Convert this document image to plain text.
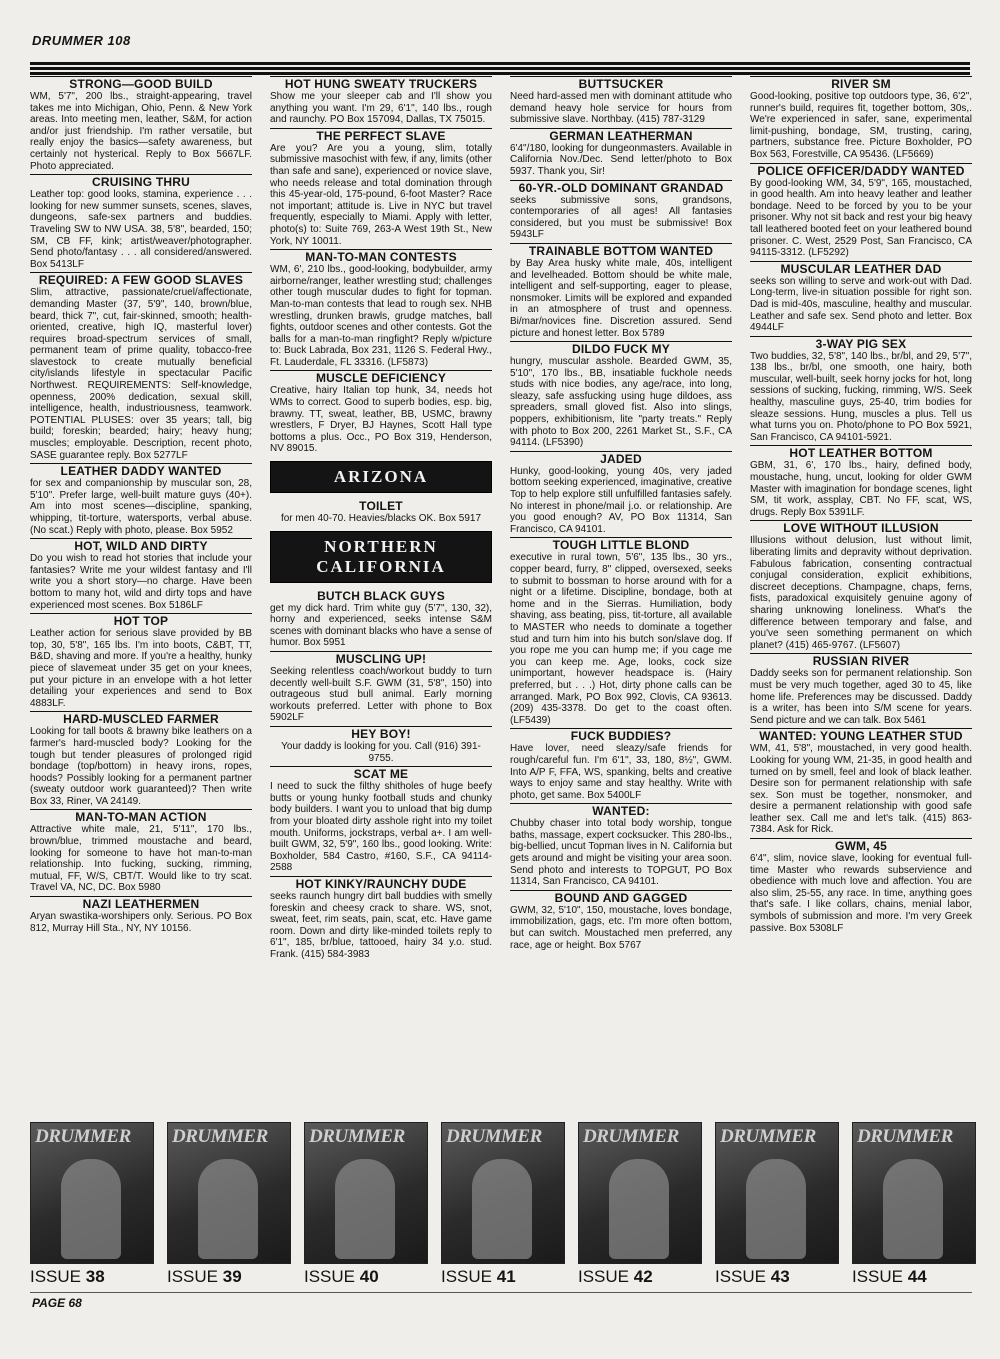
DRUMMER 108
STRONG—GOOD BUILD

WM, 5'7", 200 lbs., straight-appearing, travel takes me into Michigan, Ohio, Penn. & New York areas. Into meeting men, leather, S&M, for action and/or just friendship. I'm rather versatile, but really enjoy the basics—safety awareness, but certainly not hysterical. Reply to Box 5667LF. Photo appreciated.

CRUISING THRU

Leather top: good looks, stamina, experience . . . looking for new summer sunsets, scenes, slaves, dungeons, safe-sex partners and buddies. Traveling SW to NW USA. 38, 5'8", bearded, 150; SM, CB FF, kink; artist/weaver/photographer. Send photo/fantasy . . . all considered/answered. Box 5413LF

REQUIRED: A FEW GOOD SLAVES

Slim, attractive, passionate/cruel/affectionate, demanding Master (37, 5'9", 140, brown/blue, beard, thick 7", cut, fair-skinned, smooth; health-oriented, creative, high IQ, masterful lover) requires broad-spectrum services of small, permanent team of prime quality, tobacco-free slavestock to create mutually beneficial city/islands lifestyle in spectacular Pacific Northwest. REQUIREMENTS: Self-knowledge, openness, 200% dedication, sexual skill, intelligence, health, industriousness, teamwork. POTENTIAL PLUSES: over 35 years; tall, big build; foreskin; bearded; hairy; heavy hung; muscles; employable. Description, recent photo, SASE guarantee reply. Box 5277LF

LEATHER DADDY WANTED

for sex and companionship by muscular son, 28, 5'10". Prefer large, well-built mature guys (40+). Am into most scenes—discipline, spanking, whipping, tit-torture, watersports, verbal abuse. (No scat.) Reply with photo, please. Box 5952

HOT, WILD AND DIRTY

Do you wish to read hot stories that include your fantasies? Write me your wildest fantasy and I'll write you a short story—no charge. Have been bottom to many hot, wild and dirty tops and have experienced most scenes. Box 5186LF

HOT TOP

Leather action for serious slave provided by BB top, 30, 5'8", 165 lbs. I'm into boots, C&BT, TT, B&D, shaving and more. If you're a healthy, hunky piece of slavemeat under 35 get on your knees, put your picture in an envelope with a hot letter detailing your experiences and send to Box 4883LF.

HARD-MUSCLED FARMER

Looking for tall boots & brawny bike leathers on a farmer's hard-muscled body? Looking for the tough but tender pleasures of prolonged rigid bondage (top/bottom) in heavy irons, ropes, hoods? Possibly looking for a permanent partner (sweaty outdoor work guaranteed)? Then write Box 33, Riner, VA 24149.

MAN-TO-MAN ACTION

Attractive white male, 21, 5'11", 170 lbs., brown/blue, trimmed moustache and beard, looking for someone to have hot man-to-man relationship. Into fucking, sucking, rimming, mutual, FF, W/S, CBT/T. Would like to try scat. Travel VA, NC, DC. Box 5980

NAZI LEATHERMEN

Aryan swastika-worshipers only. Serious. PO Box 812, Murray Hill Sta., NY, NY 10156.

HOT HUNG SWEATY TRUCKERS

Show me your sleeper cab and I'll show you anything you want. I'm 29, 6'1", 140 lbs., rough and raunchy. PO Box 157094, Dallas, TX 75015.

THE PERFECT SLAVE

Are you? Are you a young, slim, totally submissive masochist with few, if any, limits (other than safe and sane), experienced or novice slave, who needs release and total domination through this 45-year-old, 175-pound, 6-foot Master? Race not important; attitude is. Live in NYC but travel frequently, especially to Miami. Apply with letter, photo(s) to: Suite 769, 263-A West 19th St., New York, NY 10011.

MAN-TO-MAN CONTESTS

WM, 6', 210 lbs., good-looking, bodybuilder, army airborne/ranger, leather wrestling stud; challenges other tough muscular dudes to fight for topman. Man-to-man contests that lead to rough sex. NHB wrestling, drunken brawls, grudge matches, ball fights, outdoor scenes and other contests. Got the balls for a man-to-man ringfight? Reply w/picture to: Buck Labrada, Box 231, 1126 S. Federal Hwy., Ft. Lauderdale, FL 33316. (LF5873)

MUSCLE DEFICIENCY

Creative, hairy Italian top hunk, 34, needs hot WMs to correct. Good to superb bodies, esp. big, brawny. TT, sweat, leather, BB, USMC, brawny wrestlers, F Dryer, BJ Haynes, Scott Hall type bottoms a plus. Occ., PO Box 319, Henderson, NV 89015.

ARIZONA
TOILET

for men 40-70. Heavies/blacks OK. Box 5917

NORTHERN CALIFORNIA
BUTCH BLACK GUYS

get my dick hard. Trim white guy (5'7", 130, 32), horny and experienced, seeks intense S&M scenes with dominant blacks who have a sense of humor. Box 5951

MUSCLING UP!

Seeking relentless coach/workout buddy to turn decently well-built S.F. GWM (31, 5'8", 150) into outrageous stud bull animal. Early morning workouts preferred. Letter with phone to Box 5902LF

HEY BOY!

Your daddy is looking for you. Call (916) 391-9755.

SCAT ME

I need to suck the filthy shitholes of huge beefy butts or young hunky football studs and chunky body builders. I want you to unload that big dump from your bloated dirty asshole right into my toilet mouth. Uniforms, jockstraps, verbal a+. I am well-built GWM, 32, 5'9", 160 lbs., good looking. Write: Boxholder, 584 Castro, #160, S.F., CA 94114-2588

HOT KINKY/RAUNCHY DUDE

seeks raunch hungry dirt ball buddies with smelly foreskin and cheesy crack to share. WS, snot, sweat, feet, rim seats, pain, scat, etc. Have game room. Down and dirty like-minded toilets reply to 6'1", 185, br/blue, tattooed, hairy 34 y.o. stud. Frank. (415) 584-3983

BUTTSUCKER

Need hard-assed men with dominant attitude who demand heavy hole service for hours from submissive slave. Northbay. (415) 787-3129

GERMAN LEATHERMAN

6'4"/180, looking for dungeonmasters. Available in California Nov./Dec. Send letter/photo to Box 5937. Thank you, Sir!

60-YR.-OLD DOMINANT GRANDAD

seeks submissive sons, grandsons, contemporaries of all ages! All fantasies considered, but you must be submissive! Box 5943LF

TRAINABLE BOTTOM WANTED

by Bay Area husky white male, 40s, intelligent and levelheaded. Bottom should be white male, intelligent and self-supporting, eager to please, nonsmoker. Limits will be explored and expanded in an atmosphere of trust and openness. Bi/mar/novices fine. Discretion assured. Send picture and honest letter. Box 5789

DILDO FUCK MY

hungry, muscular asshole. Bearded GWM, 35, 5'10", 170 lbs., BB, insatiable fuckhole needs studs with nice bodies, any age/race, into long, sleazy, safe assfucking using huge dildoes, ass spreaders, small gloved fist. Also into slings, poppers, exhibitionism, lite "party treats." Reply with photo to Box 200, 2261 Market St., S.F., CA 94114. (LF5390)

JADED

Hunky, good-looking, young 40s, very jaded bottom seeking experienced, imaginative, creative Top to help explore still unfulfilled fantasies safely. No interest in phone/mail j.o. or relationship. Are you good enough? AV, PO Box 11314, San Francisco, CA 94101.

TOUGH LITTLE BLOND

executive in rural town, 5'6", 135 lbs., 30 yrs., copper beard, furry, 8" clipped, oversexed, seeks to submit to bossman to horse around with for a night or a lifetime. Discipline, bondage, both at home and in the Sierras. Humiliation, body shaving, ass beating, piss, tit-torture, all available to MASTER who needs to dominate a together stud and turn him into his butch son/slave dog. If you rope me you can hump me; if you cage me you can keep me. Age, looks, cock size unimportant, however headspace is. (Hairy preferred, but . . .) Hot, dirty phone calls can be arranged. Mark, PO Box 992, Clovis, CA 93613. (209) 435-3378. Do get to the coast often. (LF5439)

FUCK BUDDIES?

Have lover, need sleazy/safe friends for rough/careful fun. I'm 6'1", 33, 180, 8½", GWM. Into A/P F, FFA, WS, spanking, belts and creative ways to enjoy same and stay healthy. Write with photo, get same. Box 5400LF

WANTED:

Chubby chaser into total body worship, tongue baths, massage, expert cocksucker. This 280-lbs., big-bellied, uncut Topman lives in N. California but gets around and might be visiting your area soon. Send photo and interests to TOPGUT, PO Box 11314, San Francisco, CA 94101.

BOUND AND GAGGED

GWM, 32, 5'10", 150, moustache, loves bondage, immobilization, gags, etc. I'm more often bottom, but can switch. Moustached men preferred, any race, age or height. Box 5767

RIVER SM

Good-looking, positive top outdoors type, 36, 6'2", runner's build, requires fit, together bottom, 30s,. We're experienced in safer, sane, experimental limit-pushing, bondage, SM, trusting, caring, partners, substance free. Picture Boxholder, PO Box 563, Forestville, CA 95436. (LF5669)

POLICE OFFICER/DADDY WANTED

By good-looking WM, 34, 5'9", 165, moustached, in good health. Am into heavy leather and leather bondage. Need to be forced by you to be your prisoner. Why not sit back and rest your big heavy tall leathered booted feet on your leathered bound prisoner. C. West, 2529 Post, San Francisco, CA 94115-3312. (LF5292)

MUSCULAR LEATHER DAD

seeks son willing to serve and work-out with Dad. Long-term, live-in situation possible for right son. Dad is mid-40s, masculine, healthy and muscular. Leather and safe sex. Send photo and letter. Box 4944LF

3-WAY PIG SEX

Two buddies, 32, 5'8", 140 lbs., br/bl, and 29, 5'7", 138 lbs., br/bl, one smooth, one hairy, both muscular, well-built, seek horny jocks for hot, long sessions of sucking, fucking, rimming, W/S. Seek healthy, masculine guys, 25-40, trim bodies for sleaze sessions. Hung, muscles a plus. Tell us what turns you on. Photo/phone to PO Box 5921, San Francisco, CA 94101-5921.

HOT LEATHER BOTTOM

GBM, 31, 6', 170 lbs., hairy, defined body, moustache, hung, uncut, looking for older GWM Master with imagination for bondage scenes, light SM, tit work, assplay, CBT. No FF, scat, WS, drugs. Reply Box 5391LF.

LOVE WITHOUT ILLUSION

Illusions without delusion, lust without limit, liberating limits and depravity without deprivation. Fabulous fabrication, consenting contractual conjugal consideration, explicit exhibitions, discreet deceptions. Champagne, chaps, ferns, fists, paradoxical exquisitely genuine agony of sharing unknowing loneliness. What's the difference between temporary and false, and you've seen something permanent on which planet? (415) 465-9767. (LF5607)

RUSSIAN RIVER

Daddy seeks son for permanent relationship. Son must be very much together, aged 30 to 45, like home life. Preferences may be discussed. Daddy is a writer, has been into S/M scene for years. Send picture and we can talk. Box 5461

WANTED: YOUNG LEATHER STUD

WM, 41, 5'8", moustached, in very good health. Looking for young WM, 21-35, in good health and turned on by smell, feel and look of black leather. Desire son for permanent relationship with safe sex. Son must be together, nonsmoker, and desire a permanent relationship with good safe leather sex. Call me and let's talk. (415) 863-7384. Ask for Rick.

GWM, 45

6'4", slim, novice slave, looking for eventual full-time Master who rewards subservience and obedience with much love and affection. You are also slim, 25-55, any race. In time, anything goes that's safe. I like collars, chains, menial labor, symbols of submission and more. I'm very Greek passive. Box 5308LF

DRUMMER
ISSUE 38
DRUMMER
ISSUE 39
DRUMMER
ISSUE 40
DRUMMER
ISSUE 41
DRUMMER
ISSUE 42
DRUMMER
ISSUE 43
DRUMMER
ISSUE 44
PAGE 68
